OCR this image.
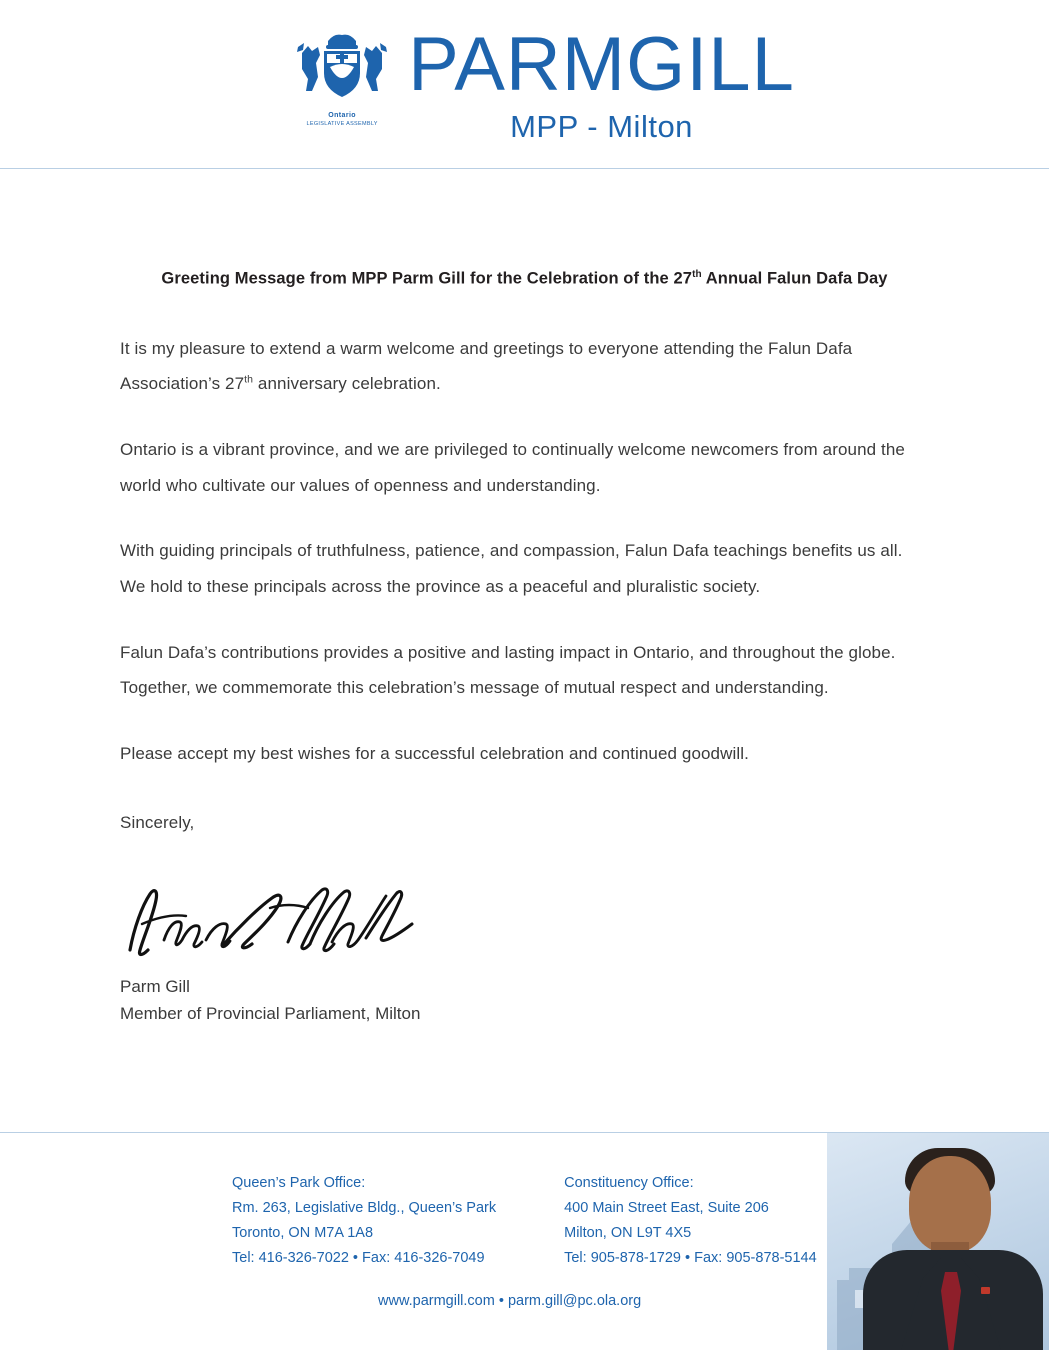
Ontario
LEGISLATIVE ASSEMBLY
PARMGILL
MPP - Milton
Greeting Message from MPP Parm Gill for the Celebration of the 27th Annual Falun Dafa Day

It is my pleasure to extend a warm welcome and greetings to everyone attending the Falun Dafa Association’s 27th anniversary celebration.

Ontario is a vibrant province, and we are privileged to continually welcome newcomers from around the world who cultivate our values of openness and understanding.

With guiding principals of truthfulness, patience, and compassion, Falun Dafa teachings benefits us all. We hold to these principals across the province as a peaceful and pluralistic society.

Falun Dafa’s contributions provides a positive and lasting impact in Ontario, and throughout the globe. Together, we commemorate this celebration’s message of mutual respect and understanding.

Please accept my best wishes for a successful celebration and continued goodwill.

Sincerely,

Parm Gill
Member of Provincial Parliament, Milton
Queen’s Park Office:
Rm. 263, Legislative Bldg., Queen’s Park
Toronto, ON M7A 1A8
Tel: 416-326-7022 • Fax: 416-326-7049
Constituency Office:
400 Main Street East, Suite 206
Milton, ON L9T 4X5
Tel: 905-878-1729 • Fax: 905-878-5144
www.parmgill.com • parm.gill@pc.ola.org
